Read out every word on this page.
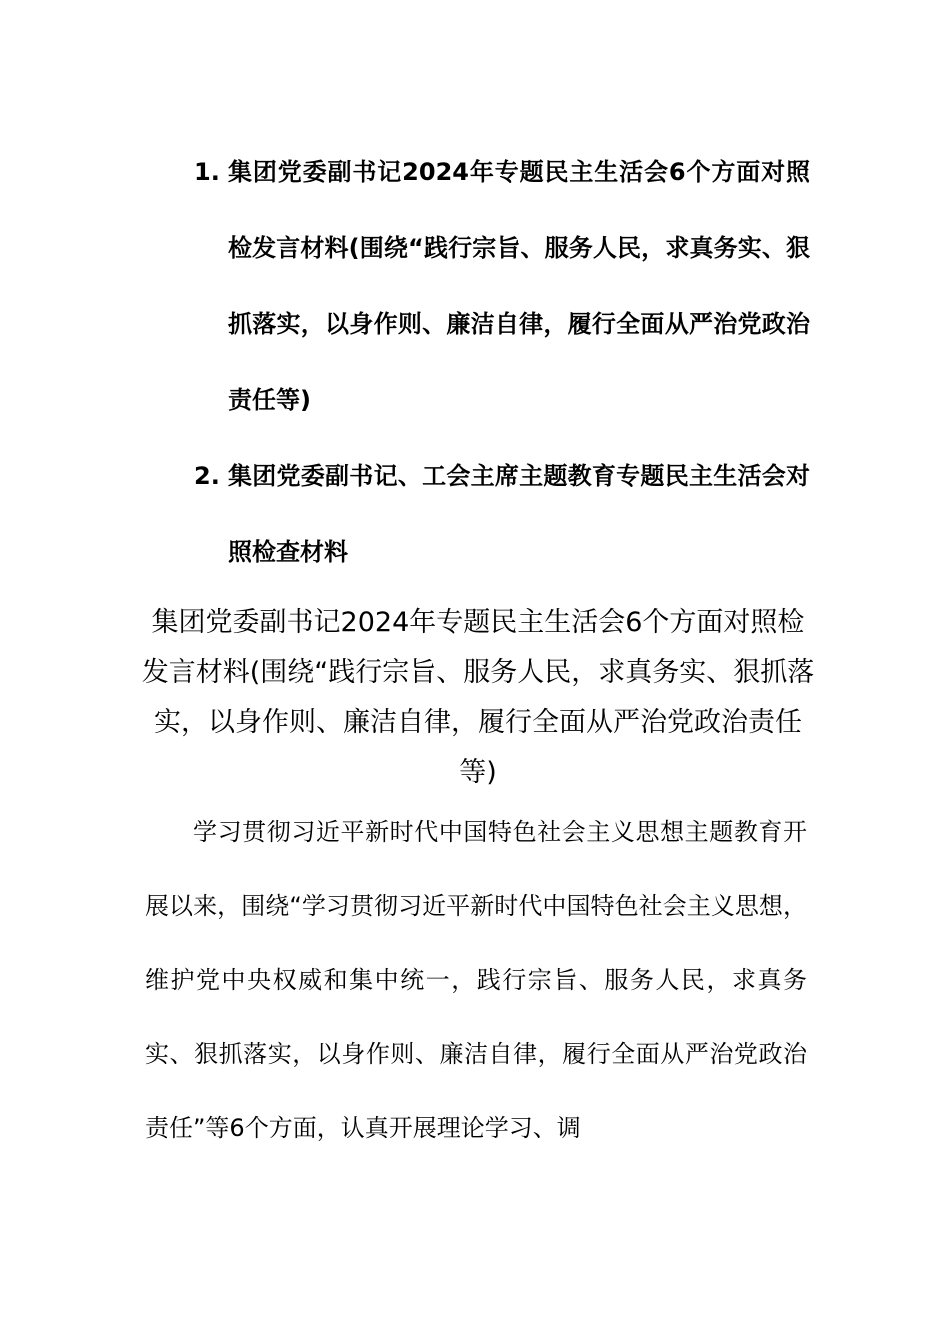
1. 集团党委副书记2024年专题民主生活会6个方面对照检发言材料(围绕“践行宗旨、服务人民，求真务实、狠抓落实，以身作则、廉洁自律，履行全面从严治党政治责任等)
2. 集团党委副书记、工会主席主题教育专题民主生活会对照检查材料
集团党委副书记2024年专题民主生活会6个方面对照检发言材料(围绕“践行宗旨、服务人民，求真务实、狠抓落实，以身作则、廉洁自律，履行全面从严治党政治责任等)

学习贯彻习近平新时代中国特色社会主义思想主题教育开展以来，围绕“学习贯彻习近平新时代中国特色社会主义思想，维护党中央权威和集中统一，践行宗旨、服务人民，求真务实、狠抓落实，以身作则、廉洁自律，履行全面从严治党政治责任”等6个方面，认真开展理论学习、调
